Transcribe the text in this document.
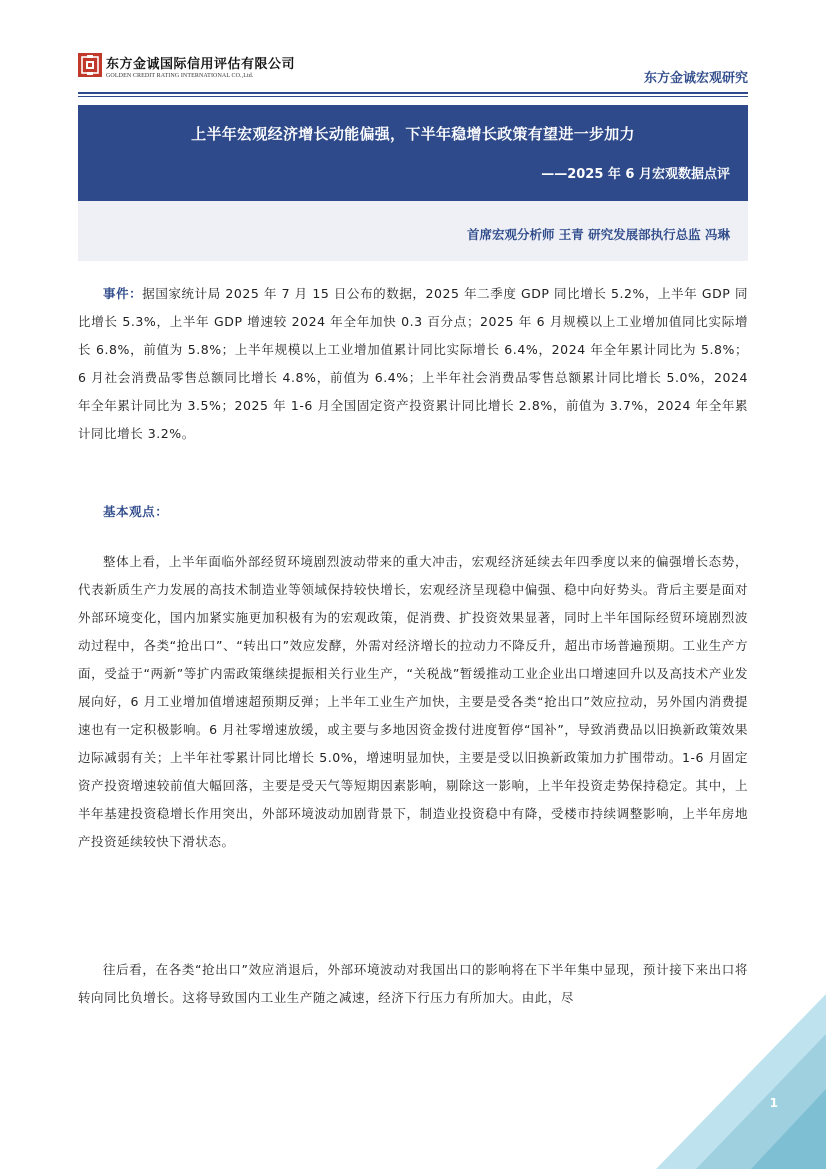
东方金诚国际信用评估有限公司
GOLDEN CREDIT RATING INTERNATIONAL CO.,Ltd.	东方金诚宏观研究
上半年宏观经济增长动能偏强，下半年稳增长政策有望进一步加力
——2025 年 6 月宏观数据点评
首席宏观分析师 王青 研究发展部执行总监 冯琳

事件：据国家统计局 2025 年 7 月 15 日公布的数据，2025 年二季度 GDP 同比增长 5.2%，上半年 GDP 同比增长 5.3%，上半年 GDP 增速较 2024 年全年加快 0.3 百分点；2025 年 6 月规模以上工业增加值同比实际增长 6.8%，前值为 5.8%；上半年规模以上工业增加值累计同比实际增长 6.4%，2024 年全年累计同比为 5.8%；6 月社会消费品零售总额同比增长 4.8%，前值为 6.4%；上半年社会消费品零售总额累计同比增长 5.0%，2024 年全年累计同比为 3.5%；2025 年 1-6 月全国固定资产投资累计同比增长 2.8%，前值为 3.7%，2024 年全年累计同比增长 3.2%。

基本观点：

整体上看，上半年面临外部经贸环境剧烈波动带来的重大冲击，宏观经济延续去年四季度以来的偏强增长态势，代表新质生产力发展的高技术制造业等领域保持较快增长，宏观经济呈现稳中偏强、稳中向好势头。背后主要是面对外部环境变化，国内加紧实施更加积极有为的宏观政策，促消费、扩投资效果显著，同时上半年国际经贸环境剧烈波动过程中，各类“抢出口”、“转出口”效应发酵，外需对经济增长的拉动力不降反升，超出市场普遍预期。工业生产方面，受益于“两新”等扩内需政策继续提振相关行业生产，“关税战”暂缓推动工业企业出口增速回升以及高技术产业发展向好，6 月工业增加值增速超预期反弹；上半年工业生产加快，主要是受各类“抢出口”效应拉动，另外国内消费提速也有一定积极影响。6 月社零增速放缓，或主要与多地因资金拨付进度暂停“国补”，导致消费品以旧换新政策效果边际减弱有关；上半年社零累计同比增长 5.0%，增速明显加快，主要是受以旧换新政策加力扩围带动。1-6 月固定资产投资增速较前值大幅回落，主要是受天气等短期因素影响，剔除这一影响，上半年投资走势保持稳定。其中，上半年基建投资稳增长作用突出，外部环境波动加剧背景下，制造业投资稳中有降，受楼市持续调整影响，上半年房地产投资延续较快下滑状态。

往后看，在各类“抢出口”效应消退后，外部环境波动对我国出口的影响将在下半年集中显现，预计接下来出口将转向同比负增长。这将导致国内工业生产随之减速，经济下行压力有所加大。由此，尽

1
